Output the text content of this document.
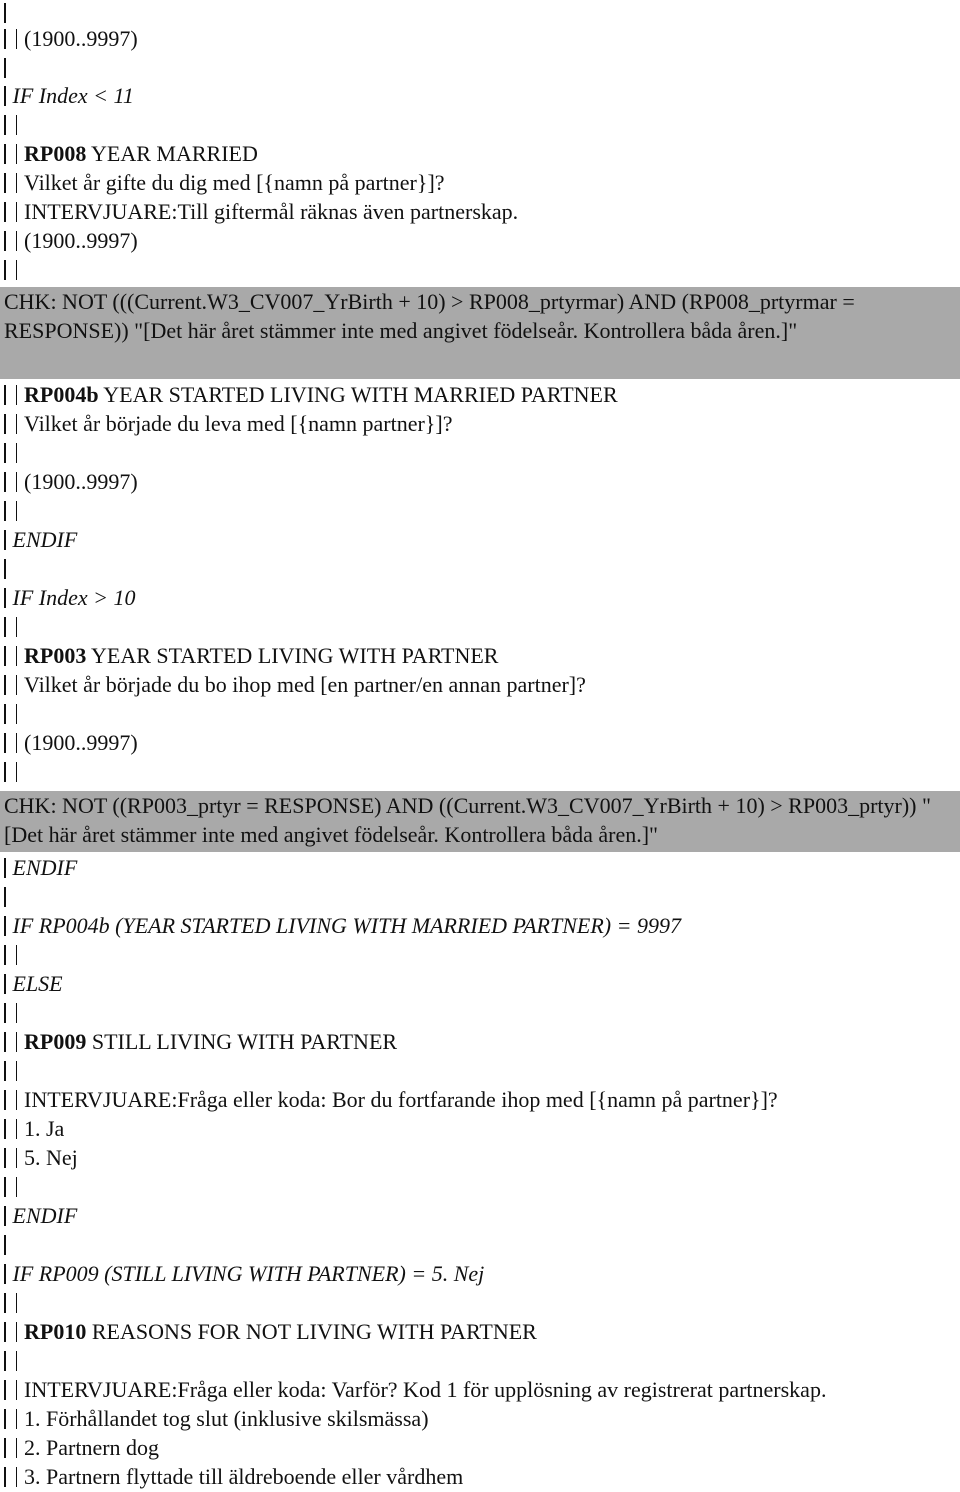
(1900..9997)
IF Index < 11
RP008 YEAR MARRIED
Vilket år gifte du dig med [{namn på partner}]?
INTERVJUARE:Till giftermål räknas även partnerskap.
(1900..9997)
RP004b YEAR STARTED LIVING WITH MARRIED PARTNER
Vilket år började du leva med [{namn partner}]?
(1900..9997)
ENDIF
IF Index > 10
RP003 YEAR STARTED LIVING WITH PARTNER
Vilket år började du bo ihop med [en partner/en annan partner]?
(1900..9997)
ENDIF
IF RP004b (YEAR STARTED LIVING WITH MARRIED PARTNER) = 9997
ELSE
RP009 STILL LIVING WITH PARTNER
INTERVJUARE:Fråga eller koda: Bor du fortfarande ihop med [{namn på partner}]?
1. Ja
5. Nej
ENDIF
IF RP009 (STILL LIVING WITH PARTNER) = 5. Nej
RP010 REASONS FOR NOT LIVING WITH PARTNER
INTERVJUARE:Fråga eller koda: Varför? Kod 1 för upplösning av registrerat partnerskap.
1. Förhållandet tog slut (inklusive skilsmässa)
2. Partnern dog
3. Partnern flyttade till äldreboende eller vårdhem
CHK: NOT (((Current.W3_CV007_YrBirth + 10) > RP008_prtyrmar) AND (RP008_prtyrmar = RESPONSE)) "[Det här året stämmer inte med angivet födelseår. Kontrollera båda åren.]"
CHK: NOT ((RP003_prtyr = RESPONSE) AND ((Current.W3_CV007_YrBirth + 10) > RP003_prtyr)) "[Det här året stämmer inte med angivet födelseår. Kontrollera båda åren.]"
